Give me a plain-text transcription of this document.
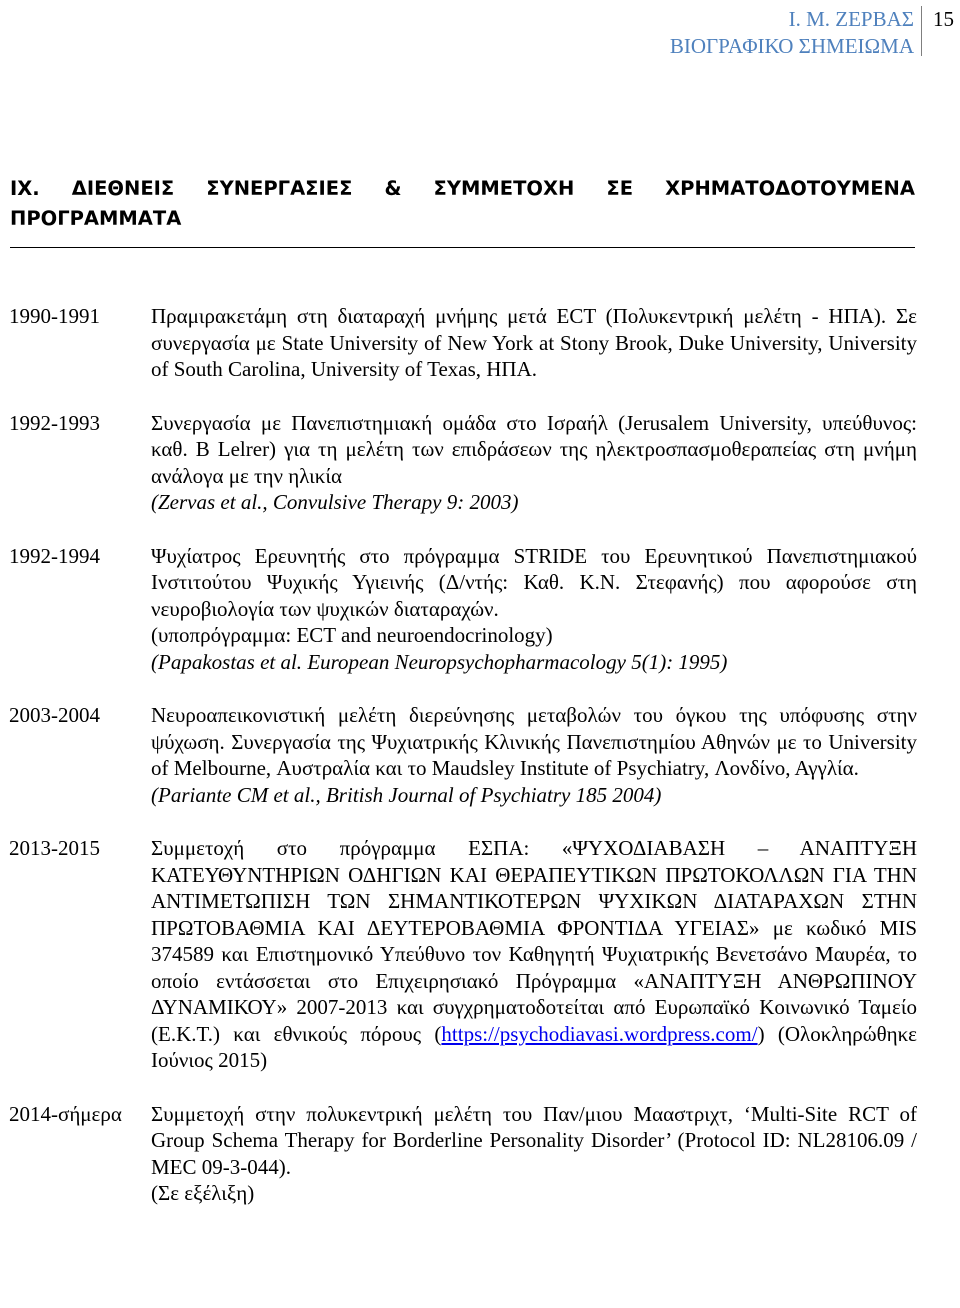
Ι. Μ. ΖΕΡΒΑΣ
ΒΙΟΓΡΑΦΙΚΟ ΣΗΜΕΙΩΜΑ
15
IX. ΔΙΕΘΝΕΙΣ ΣΥΝΕΡΓΑΣΙΕΣ & ΣΥΜΜΕΤΟΧΗ ΣΕ ΧΡΗΜΑΤΟΔΟΤΟΥΜΕΝΑ
ΠΡΟΓΡΑΜΜΑΤΑ
1990-1991	Πραμιρακετάμη στη διαταραχή μνήμης μετά ECT (Πολυκεντρική μελέτη - ΗΠΑ). Σε συνεργασία με State University of New York at Stony Brook, Duke University, University of South Carolina, University of Texas, ΗΠΑ.

1992-1993	Συνεργασία με Πανεπιστημιακή ομάδα στο Ισραήλ (Jerusalem University, υπεύθυνος: καθ. B Lelrer) για τη μελέτη των επιδράσεων της ηλεκτροσπασμοθεραπείας στη μνήμη ανάλογα με την ηλικία

(Zervas et al., Convulsive Therapy 9: 2003)

1992-1994	Ψυχίατρος Ερευνητής στο πρόγραμμα STRIDE του Ερευνητικού Πανεπιστημιακού Ινστιτούτου Ψυχικής Υγιεινής (Δ/ντής: Καθ. Κ.Ν. Στεφανής) που αφορούσε στη νευροβιολογία των ψυχικών διαταραχών.

(υποπρόγραμμα: ECT and neuroendocrinology)

(Papakostas et al. European Neuropsychopharmacology 5(1): 1995)

2003-2004	Νευροαπεικονιστική μελέτη διερεύνησης μεταβολών του όγκου της υπόφυσης στην ψύχωση. Συνεργασία της Ψυχιατρικής Κλινικής Πανεπιστημίου Αθηνών με το University of Melbourne, Αυστραλία και το Maudsley Institute of Psychiatry, Λονδίνο, Αγγλία.

(Pariante CM et al., British Journal of Psychiatry 185 2004)

2013-2015	Συμμετοχή στο πρόγραμμα ΕΣΠΑ: «ΨΥΧΟΔΙΑΒΑΣΗ – ΑΝΑΠΤΥΞΗ ΚΑΤΕΥΘΥΝΤΗΡΙΩΝ ΟΔΗΓΙΩΝ ΚΑΙ ΘΕΡΑΠΕΥΤΙΚΩΝ ΠΡΩΤΟΚΟΛΛΩΝ ΓΙΑ ΤΗΝ ΑΝΤΙΜΕΤΩΠΙΣΗ ΤΩΝ ΣΗΜΑΝΤΙΚΟΤΕΡΩΝ ΨΥΧΙΚΩΝ ΔΙΑΤΑΡΑΧΩΝ ΣΤΗΝ ΠΡΩΤΟΒΑΘΜΙΑ ΚΑΙ ΔΕΥΤΕΡΟΒΑΘΜΙΑ ΦΡΟΝΤΙΔΑ ΥΓΕΙΑΣ» με κωδικό MIS 374589 και Επιστημονικό Υπεύθυνο τον Καθηγητή Ψυχιατρικής Βενετσάνο Μαυρέα, το οποίο εντάσσεται στο Επιχειρησιακό Πρόγραμμα «ΑΝΑΠΤΥΞΗ ΑΝΘΡΩΠΙΝΟΥ ΔΥΝΑΜΙΚΟΥ» 2007-2013 και συγχρηματοδοτείται από Ευρωπαϊκό Κοινωνικό Ταμείο (Ε.Κ.Τ.) και εθνικούς πόρους (https://psychodiavasi.wordpress.com/) (Ολοκληρώθηκε Ιούνιος 2015)

2014-σήμερα	Συμμετοχή στην πολυκεντρική μελέτη του Παν/μιου Μααστριχτ, ‘Multi-Site RCT of Group Schema Therapy for Borderline Personality Disorder’ (Protocol ID: NL28106.09 / MEC 09-3-044).

(Σε εξέλιξη)
